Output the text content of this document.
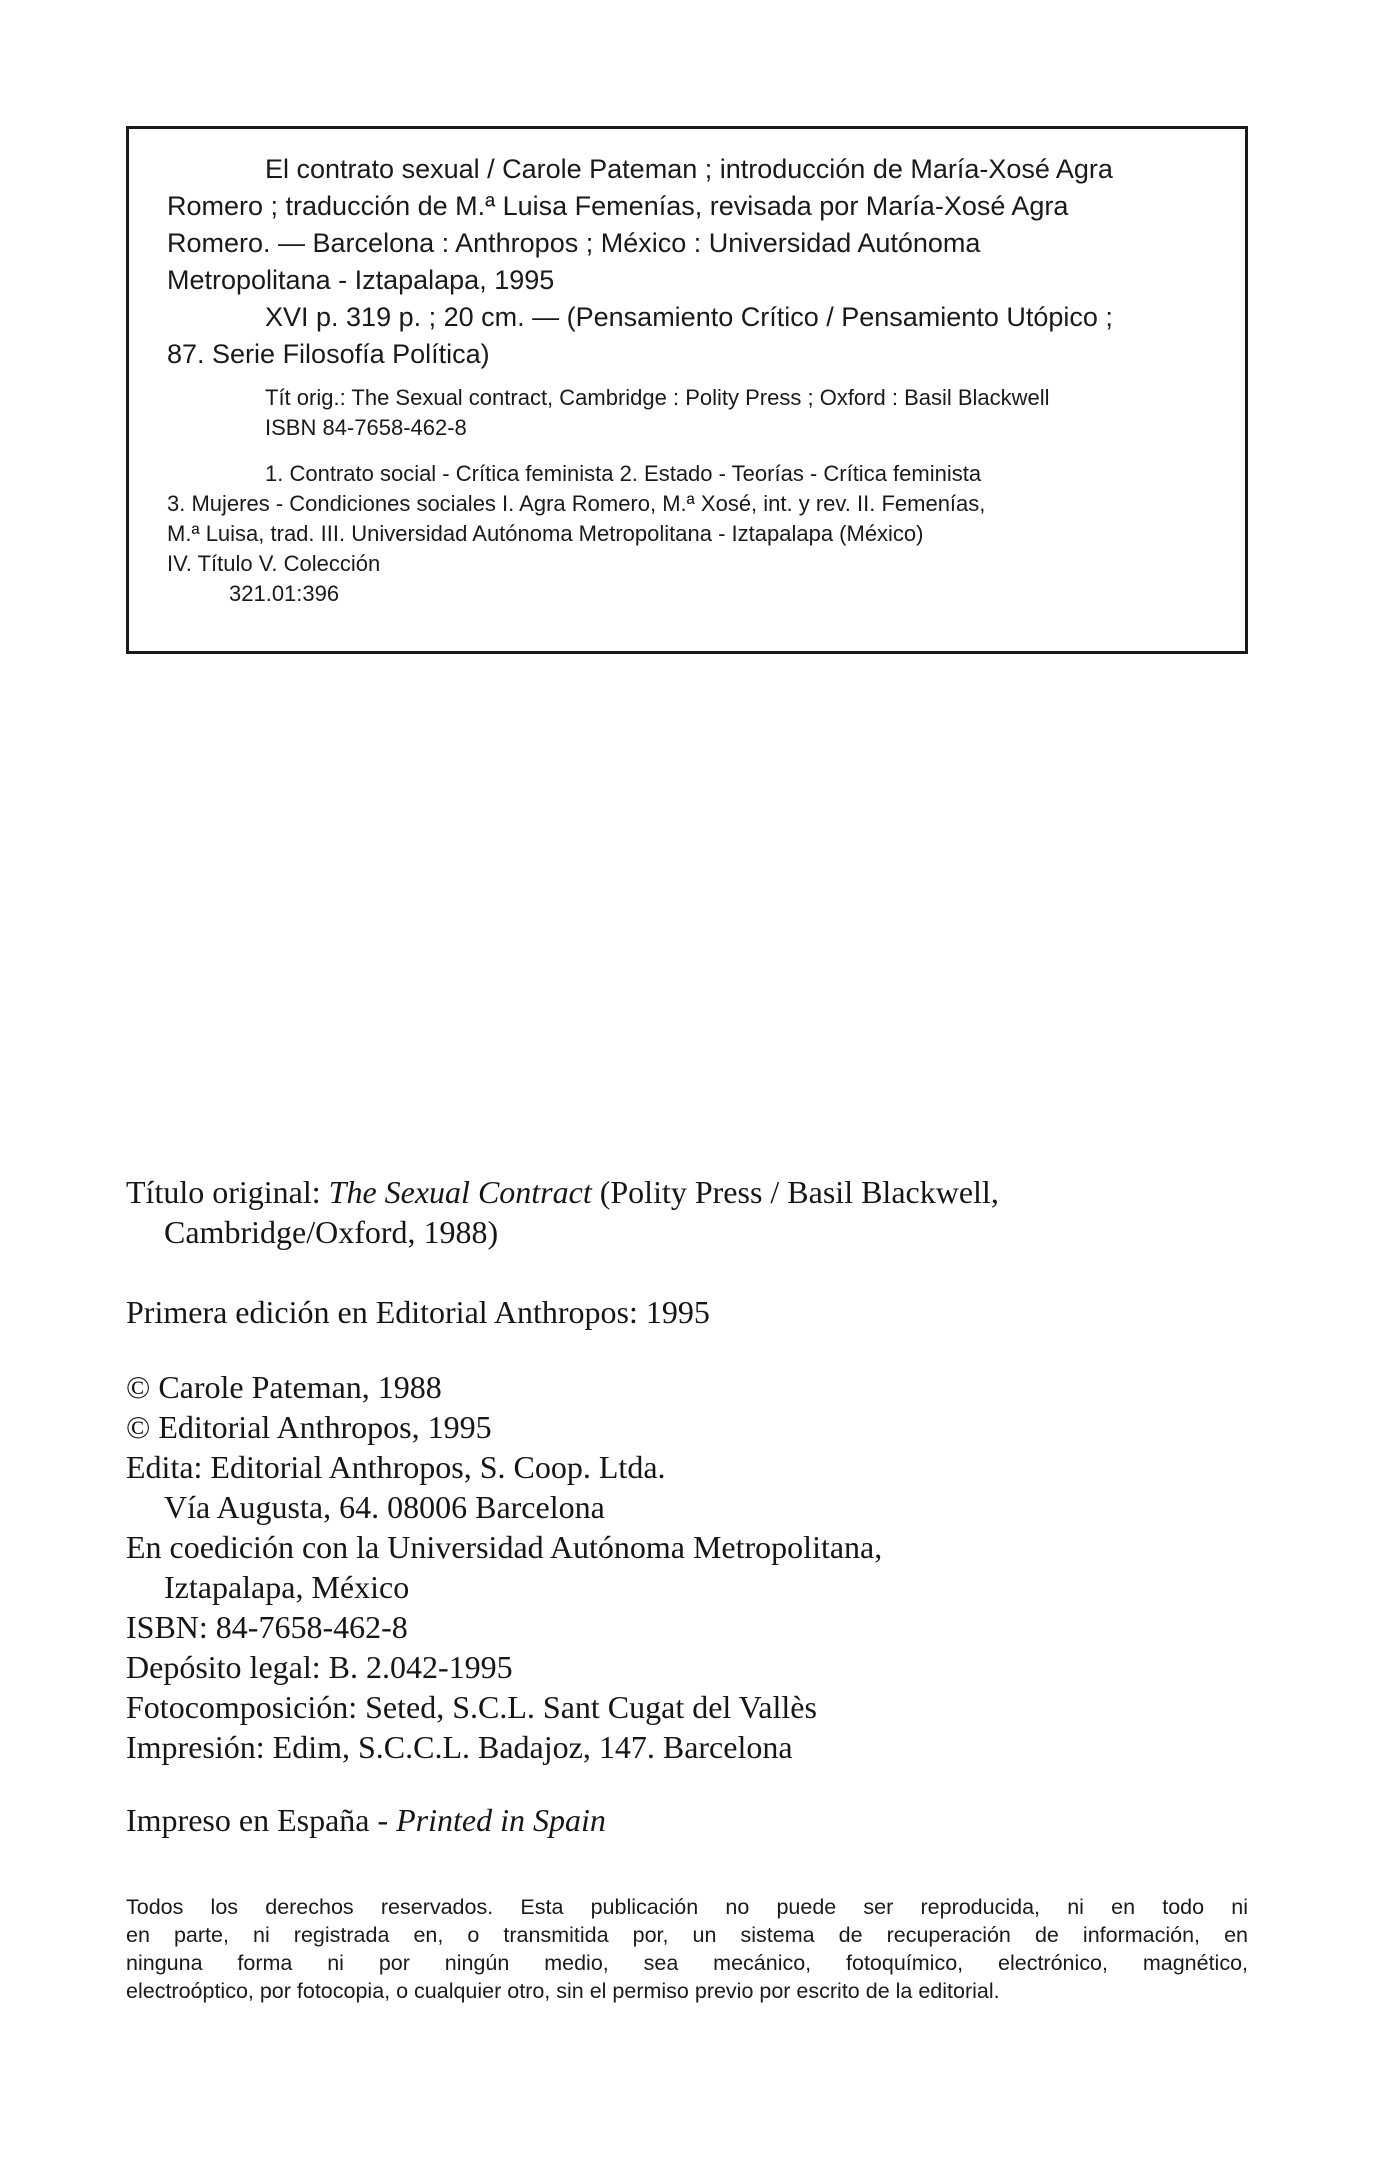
El contrato sexual / Carole Pateman ; introducción de María-Xosé Agra
Romero ; traducción de M.ª Luisa Femenías, revisada por María-Xosé Agra
Romero. — Barcelona : Anthropos ; México : Universidad Autónoma
Metropolitana - Iztapalapa, 1995

XVI p. 319 p. ; 20 cm. — (Pensamiento Crítico / Pensamiento Utópico ;
87. Serie Filosofía Política)

Tít orig.: The Sexual contract, Cambridge : Polity Press ; Oxford : Basil Blackwell
ISBN 84-7658-462-8

1. Contrato social - Crítica feminista 2. Estado - Teorías - Crítica feminista
3. Mujeres - Condiciones sociales I. Agra Romero, M.ª Xosé, int. y rev. II. Femenías,
M.ª Luisa, trad. III. Universidad Autónoma Metropolitana - Iztapalapa (México)
IV. Título V. Colección
321.01:396

Título original: The Sexual Contract (Polity Press / Basil Blackwell,
Cambridge/Oxford, 1988)

Primera edición en Editorial Anthropos: 1995

© Carole Pateman, 1988
© Editorial Anthropos, 1995
Edita: Editorial Anthropos, S. Coop. Ltda.
Vía Augusta, 64. 08006 Barcelona
En coedición con la Universidad Autónoma Metropolitana,
Iztapalapa, México
ISBN: 84-7658-462-8
Depósito legal: B. 2.042-1995
Fotocomposición: Seted, S.C.L. Sant Cugat del Vallès
Impresión: Edim, S.C.C.L. Badajoz, 147. Barcelona

Impreso en España - Printed in Spain

Todos los derechos reservados. Esta publicación no puede ser reproducida, ni en todo ni
en parte, ni registrada en, o transmitida por, un sistema de recuperación de información, en
ninguna forma ni por ningún medio, sea mecánico, fotoquímico, electrónico, magnético,
electroóptico, por fotocopia, o cualquier otro, sin el permiso previo por escrito de la editorial.
